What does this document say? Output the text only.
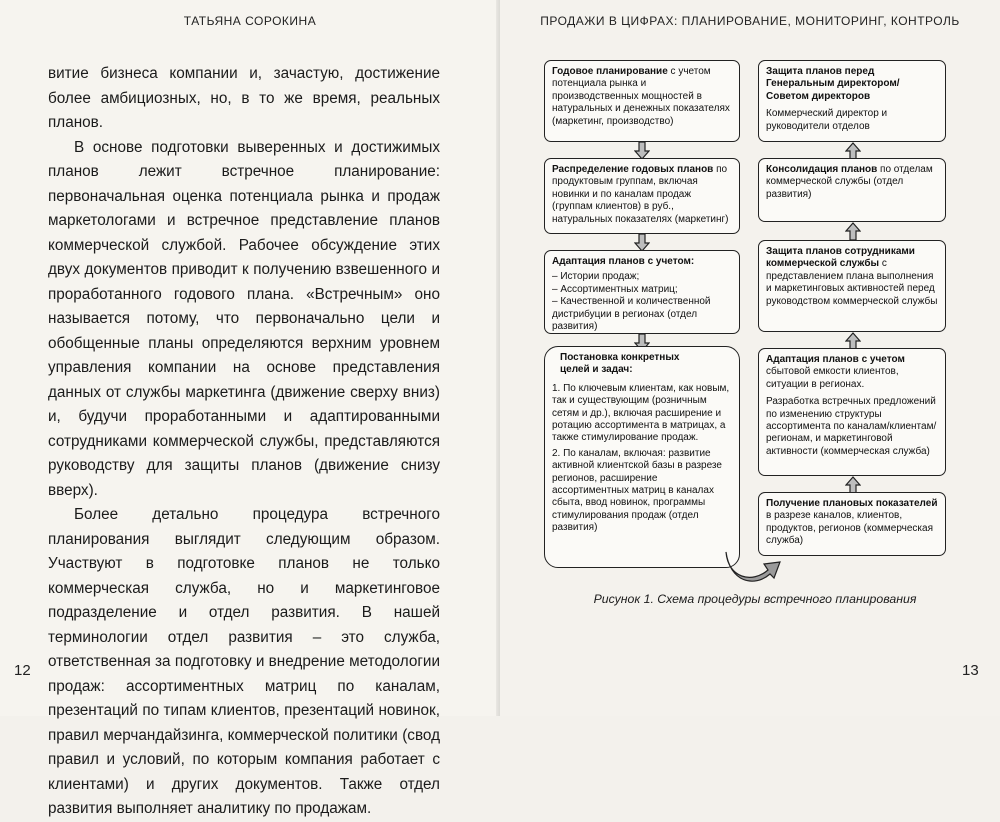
ТАТЬЯНА СОРОКИНА

витие бизнеса компании и, зачастую, достижение более амбициозных, но, в то же время, реальных планов.

В основе подготовки выверенных и достижимых планов лежит встречное планирование: первоначальная оценка потенциала рынка и продаж маркетологами и встречное представление планов коммерческой службой. Рабочее обсуждение этих двух документов приводит к получению взвешенного и проработанного годового плана. «Встречным» оно называется потому, что первоначально цели и обобщенные планы определяются верхним уровнем управления компании на основе представления данных от службы маркетинга (движение сверху вниз) и, будучи проработанными и адаптированными сотрудниками коммерческой службы, представляются руководству для защиты планов (движение снизу вверх).

Более детально процедура встречного планирования выглядит следующим образом. Участвуют в подготовке планов не только коммерческая служба, но и маркетинговое подразделение и отдел развития. В нашей терминологии отдел развития – это служба, ответственная за подготовку и внедрение методологии продаж: ассортиментных матриц по каналам, презентаций по типам клиентов, презентаций новинок, правил мерчандайзинга, коммерческой политики (свод правил и условий, по которым компания работает с клиентами) и других документов. Также отдел развития выполняет аналитику по продажам.

12
ПРОДАЖИ В ЦИФРАХ: ПЛАНИРОВАНИЕ, МОНИТОРИНГ, КОНТРОЛЬ
Годовое планирование с учетом потенциала рынка и производственных мощностей в натуральных и денежных показателях (маркетинг, производство)
Распределение годовых планов по продуктовым группам, включая новинки и по каналам продаж (группам клиентов) в руб., натуральных показателях (маркетинг)
Адаптация планов с учетом:
– Истории продаж;
– Ассортиментных матриц;
– Качественной и количественной дистрибуции в регионах (отдел развития)
Постановка конкретных целей и задач:
1. По ключевым клиентам, как новым, так и существующим (розничным сетям и др.), включая расширение и ротацию ассортимента в матрицах, а также стимулирование продаж.
2. По каналам, включая: развитие активной клиентской базы в разрезе регионов, расширение ассортиментных матриц в каналах сбыта, ввод новинок, программы стимулирования продаж (отдел развития)
Защита планов перед Генеральным директором/Советом директоров
Коммерческий директор и руководители отделов
Консолидация планов по отделам коммерческой службы (отдел развития)
Защита планов сотрудниками коммерческой службы с представлением плана выполнения и маркетинговых активностей перед руководством коммерческой службы
Адаптация планов с учетом сбытовой емкости клиентов, ситуации в регионах.
Разработка встречных предложений по изменению структуры ассортимента по каналам/клиентам/регионам, и маркетинговой активности (коммерческая служба)
Получение плановых показателей в разрезе каналов, клиентов, продуктов, регионов (коммерческая служба)
Рисунок 1. Схема процедуры встречного планирования
13
